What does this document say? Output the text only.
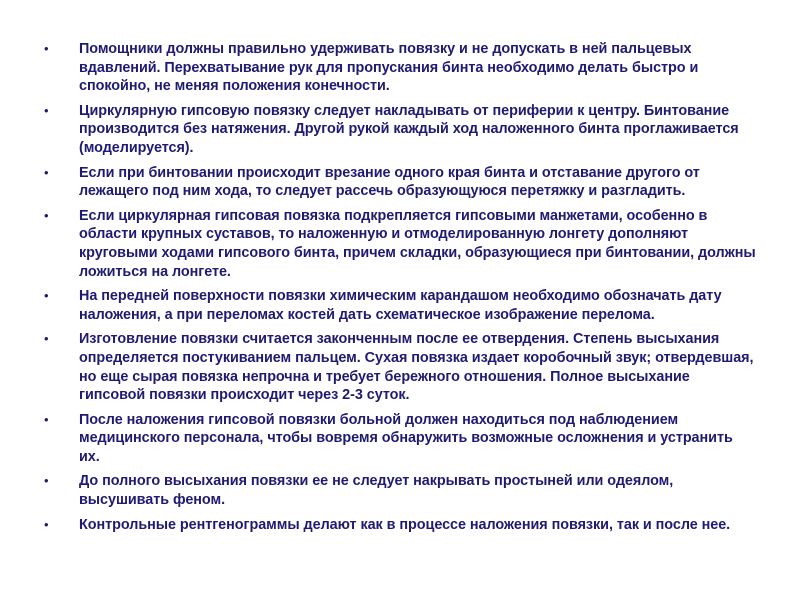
•	Помощники должны правильно удерживать повязку и не допускать в ней пальцевых вдавлений. Перехватывание рук для пропускания бинта необходимо делать быстро и спокойно, не меняя положения конечности.
•	Циркулярную гипсовую повязку следует накладывать от периферии к центру. Бинтование производится без натяжения. Другой рукой каждый ход наложенного бинта проглаживается (моделируется).
•	Если при бинтовании происходит врезание одного края бинта и отставание другого от лежащего под ним хода, то следует рассечь образующуюся перетяжку и разгладить.
•	Если циркулярная гипсовая повязка подкрепляется гипсовыми манжетами, особенно в области крупных суставов, то наложенную и отмоделированную лонгету дополняют круговыми ходами гипсового бинта, причем складки, образующиеся при бинтовании, должны ложиться на лонгете.
•	На передней поверхности повязки химическим карандашом необходимо обозначать дату наложения, а при переломах костей дать схематическое изображение перелома.
•	Изготовление повязки считается законченным после ее отвердения. Степень высыхания определяется постукиванием пальцем. Сухая повязка издает коробочный звук; отвердевшая, но еще сырая повязка непрочна и требует бережного отношения. Полное высыхание гипсовой повязки происходит через 2-3 суток.
•	После наложения гипсовой повязки больной должен находиться под наблюдением медицинского персонала, чтобы вовремя обнаружить возможные осложнения и устранить их.
•	До полного высыхания повязки ее не следует накрывать простыней или одеялом, высушивать феном.
•	Контрольные рентгенограммы делают как в процессе наложения повязки, так и после нее.
